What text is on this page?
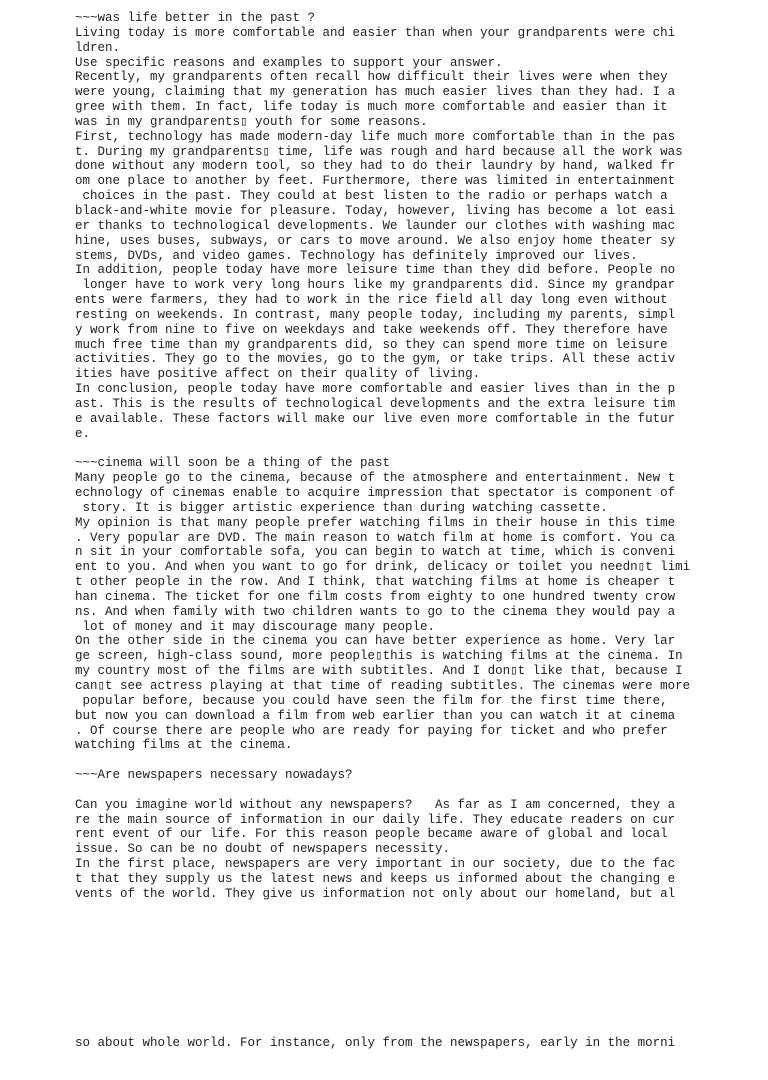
~~~was life better in the past ?
Living today is more comfortable and easier than when your grandparents were chi
ldren.
Use specific reasons and examples to support your answer.
Recently, my grandparents often recall how difficult their lives were when they
were young, claiming that my generation has much easier lives than they had. I a
gree with them. In fact, life today is much more comfortable and easier than it
was in my grandparents▯ youth for some reasons.
First, technology has made modern-day life much more comfortable than in the pas
t. During my grandparents▯ time, life was rough and hard because all the work was
done without any modern tool, so they had to do their laundry by hand, walked fr
om one place to another by feet. Furthermore, there was limited in entertainment
choices in the past. They could at best listen to the radio or perhaps watch a
black-and-white movie for pleasure. Today, however, living has become a lot easi
er thanks to technological developments. We launder our clothes with washing mac
hine, uses buses, subways, or cars to move around. We also enjoy home theater sy
stems, DVDs, and video games. Technology has definitely improved our lives.
In addition, people today have more leisure time than they did before. People no
longer have to work very long hours like my grandparents did. Since my grandpar
ents were farmers, they had to work in the rice field all day long even without
resting on weekends. In contrast, many people today, including my parents, simpl
y work from nine to five on weekdays and take weekends off. They therefore have
much free time than my grandparents did, so they can spend more time on leisure
activities. They go to the movies, go to the gym, or take trips. All these activ
ities have positive affect on their quality of living.
In conclusion, people today have more comfortable and easier lives than in the p
ast. This is the results of technological developments and the extra leisure tim
e available. These factors will make our live even more comfortable in the futur
e.
~~~cinema will soon be a thing of the past
Many people go to the cinema, because of the atmosphere and entertainment. New t
echnology of cinemas enable to acquire impression that spectator is component of
story. It is bigger artistic experience than during watching cassette.
My opinion is that many people prefer watching films in their house in this time
. Very popular are DVD. The main reason to watch film at home is comfort. You ca
n sit in your comfortable sofa, you can begin to watch at time, which is conveni
ent to you. And when you want to go for drink, delicacy or toilet you needn▯t limi
t other people in the row. And I think, that watching films at home is cheaper t
han cinema. The ticket for one film costs from eighty to one hundred twenty crow
ns. And when family with two children wants to go to the cinema they would pay a
lot of money and it may discourage many people.
On the other side in the cinema you can have better experience as home. Very lar
ge screen, high-class sound, more people▯this is watching films at the cinema. In
my country most of the films are with subtitles. And I don▯t like that, because I
can▯t see actress playing at that time of reading subtitles. The cinemas were more
popular before, because you could have seen the film for the first time there,
but now you can download a film from web earlier than you can watch it at cinema
. Of course there are people who are ready for paying for ticket and who prefer
watching films at the cinema.
~~~Are newspapers necessary nowadays?
Can you imagine world without any newspapers?   As far as I am concerned, they a
re the main source of information in our daily life. They educate readers on cur
rent event of our life. For this reason people became aware of global and local
issue. So can be no doubt of newspapers necessity.
In the first place, newspapers are very important in our society, due to the fac
t that they supply us the latest news and keeps us informed about the changing e
vents of the world. They give us information not only about our homeland, but al

so about whole world. For instance, only from the newspapers, early in the morni
